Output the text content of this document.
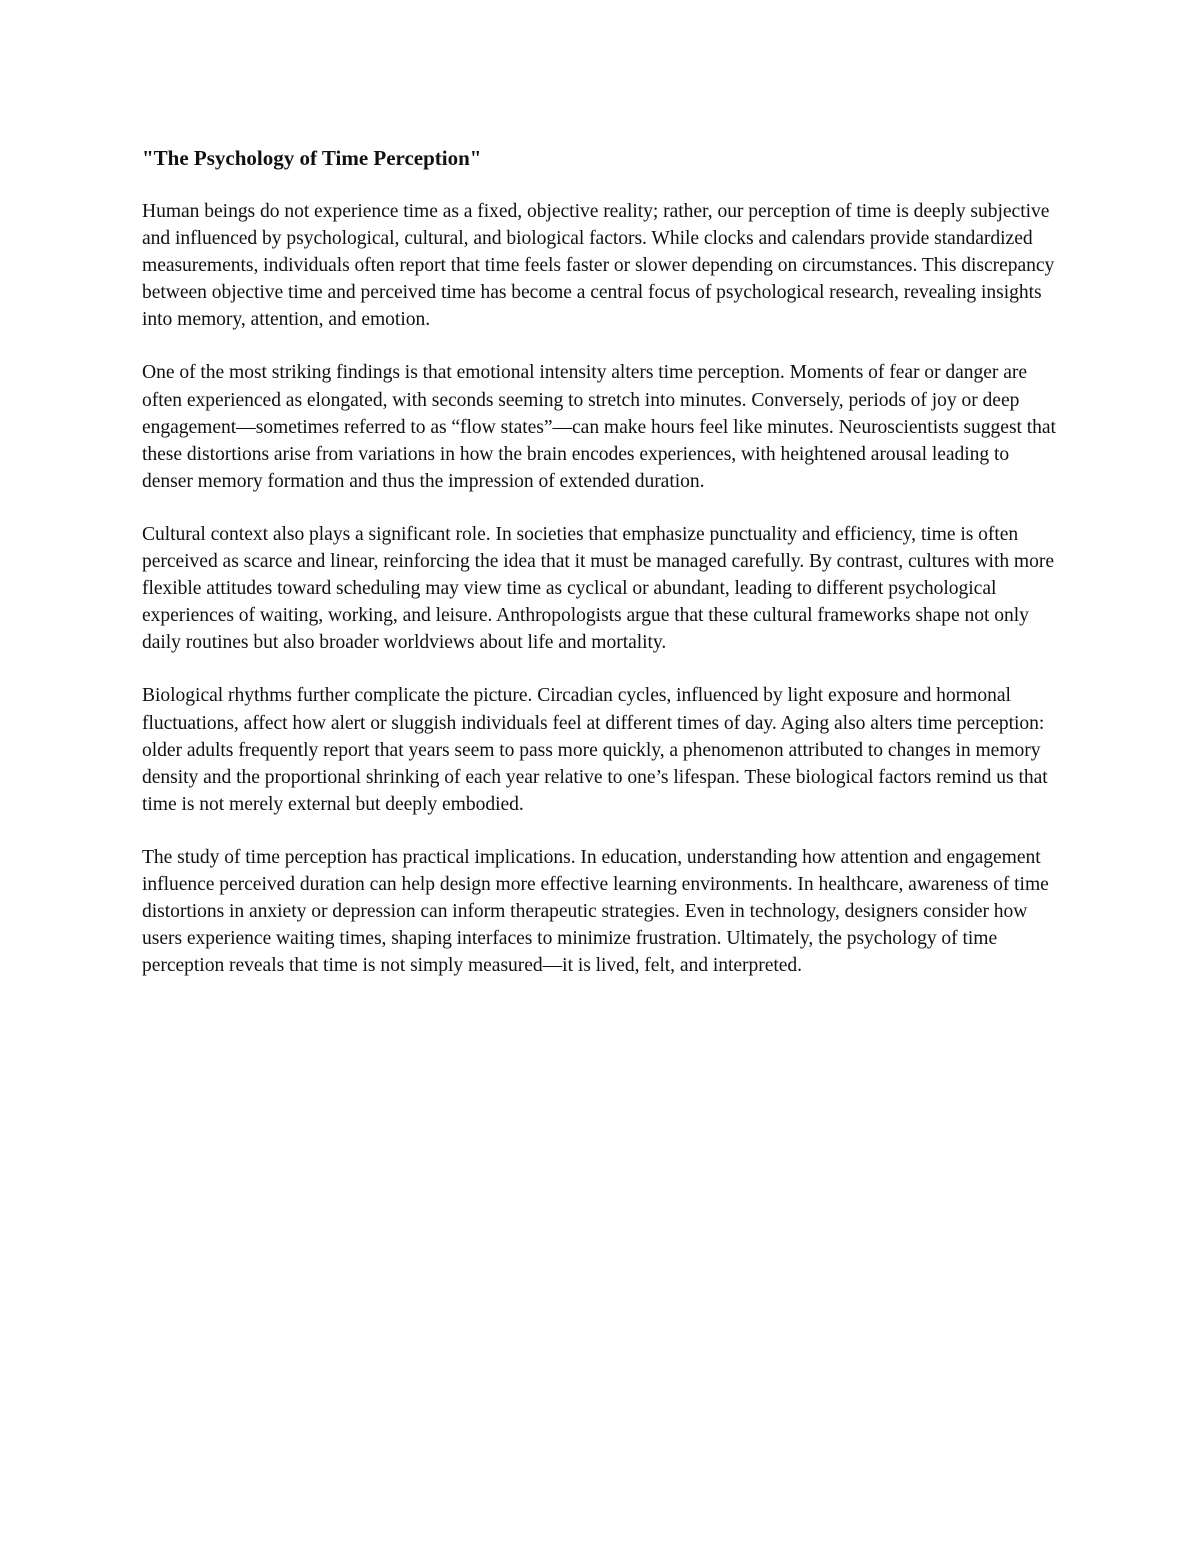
"The Psychology of Time Perception"

Human beings do not experience time as a fixed, objective reality; rather, our perception of time is deeply subjective and influenced by psychological, cultural, and biological factors. While clocks and calendars provide standardized measurements, individuals often report that time feels faster or slower depending on circumstances. This discrepancy between objective time and perceived time has become a central focus of psychological research, revealing insights into memory, attention, and emotion.

One of the most striking findings is that emotional intensity alters time perception. Moments of fear or danger are often experienced as elongated, with seconds seeming to stretch into minutes. Conversely, periods of joy or deep engagement—sometimes referred to as “flow states”—can make hours feel like minutes. Neuroscientists suggest that these distortions arise from variations in how the brain encodes experiences, with heightened arousal leading to denser memory formation and thus the impression of extended duration.

Cultural context also plays a significant role. In societies that emphasize punctuality and efficiency, time is often perceived as scarce and linear, reinforcing the idea that it must be managed carefully. By contrast, cultures with more flexible attitudes toward scheduling may view time as cyclical or abundant, leading to different psychological experiences of waiting, working, and leisure. Anthropologists argue that these cultural frameworks shape not only daily routines but also broader worldviews about life and mortality.

Biological rhythms further complicate the picture. Circadian cycles, influenced by light exposure and hormonal fluctuations, affect how alert or sluggish individuals feel at different times of day. Aging also alters time perception: older adults frequently report that years seem to pass more quickly, a phenomenon attributed to changes in memory density and the proportional shrinking of each year relative to one’s lifespan. These biological factors remind us that time is not merely external but deeply embodied.

The study of time perception has practical implications. In education, understanding how attention and engagement influence perceived duration can help design more effective learning environments. In healthcare, awareness of time distortions in anxiety or depression can inform therapeutic strategies. Even in technology, designers consider how users experience waiting times, shaping interfaces to minimize frustration. Ultimately, the psychology of time perception reveals that time is not simply measured—it is lived, felt, and interpreted.
